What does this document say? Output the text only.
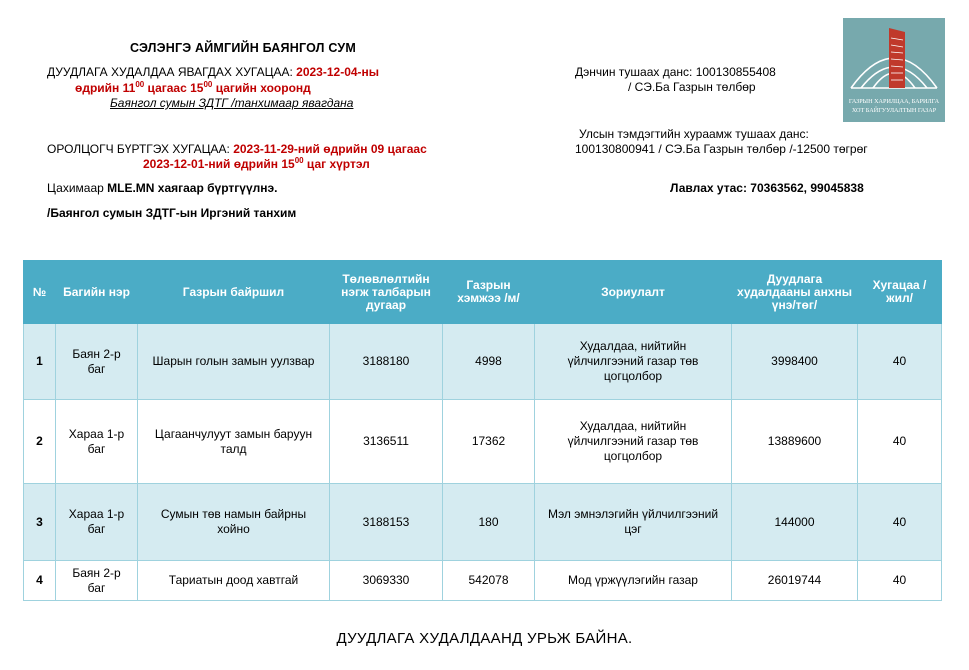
СЭЛЭНГЭ АЙМГИЙН БАЯНГОЛ СУМ
ДУУДЛАГА ХУДАЛДАА ЯВАГДАХ ХУГАЦАА: 2023-12-04-ны
өдрийн $11^{00}$ цагаас $15^{00}$ цагийн хооронд
Баянгол сумын ЗДТГ /танхимаар явагдана
ОРОЛЦОГЧ БҮРТГЭХ ХУГАЦАА: 2023-11-29-ний өдрийн 09 цагаас
2023-12-01-ний өдрийн $15^{00}$ цаг хүртэл
Цахимаар MLE.MN хаягаар бүртгүүлнэ.
/Баянгол сумын ЗДТГ-ын Иргэний танхим
Дэнчин тушаах данс: 100130855408
/ СЭ.Ба Газрын төлбөр
Улсын тэмдэгтийн хураамж тушаах данс:
100130800941 / СЭ.Ба Газрын төлбөр /-12500 төгрөг
Лавлах утас: 70363562, 99045838
ГАЗРЫН ХАРИЛЦАА, БАРИЛГА
ХОТ БАЙГУУЛАЛТЫН ГАЗАР
№	Багийн нэр	Газрын байршил	Төлөвлөлтийн нэгж талбарын дугаар	Газрын хэмжээ /м/	Зориулалт	Дуудлага худалдааны анхны үнэ/төг/	Хугацаа /жил/
1	Баян 2-р баг	Шарын голын замын уулзвар	3188180	4998	Худалдаа, нийтийн үйлчилгээний газар төв цогцолбор	3998400	40
2	Хараа 1-р баг	Цагаанчулуут замын баруун талд	3136511	17362	Худалдаа, нийтийн үйлчилгээний газар төв цогцолбор	13889600	40
3	Хараа 1-р баг	Сумын төв намын байрны хойно	3188153	180	Мэл эмнэлэгийн үйлчилгээний цэг	144000	40
4	Баян 2-р баг	Тариатын доод хавтгай	3069330	542078	Мод үржүүлэгийн газар	26019744	40
ДУУДЛАГА ХУДАЛДААНД УРЬЖ БАЙНА.
